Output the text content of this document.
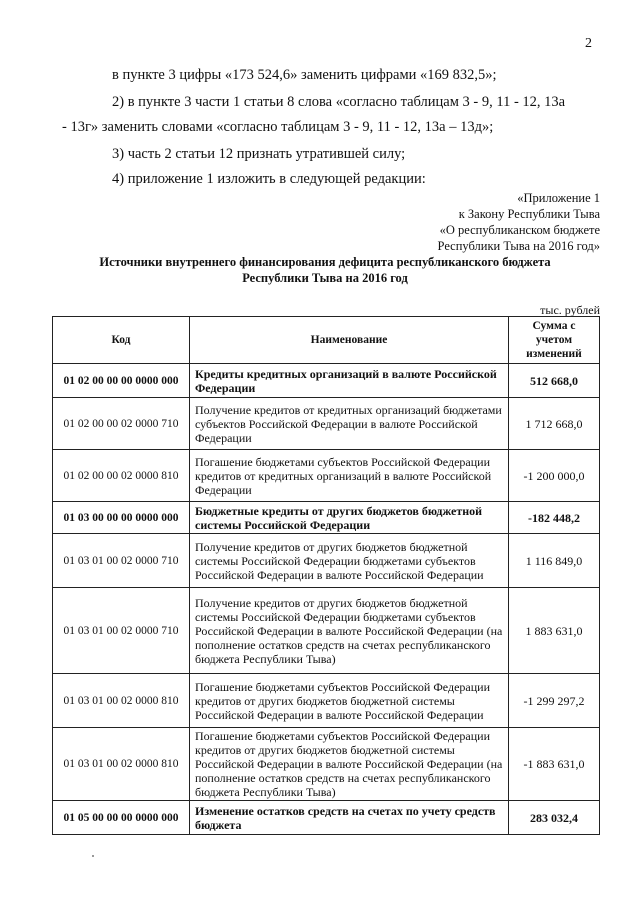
2
в пункте 3 цифры «173 524,6» заменить цифрами «169 832,5»;
2) в пункте 3 части 1 статьи 8 слова «согласно таблицам 3 - 9, 11 - 12, 13а
- 13г» заменить словами «согласно таблицам 3 - 9, 11 - 12, 13а – 13д»;
3) часть 2 статьи 12 признать утратившей силу;
4) приложение 1 изложить в следующей редакции:
«Приложение 1
к Закону Республики Тыва
«О республиканском бюджете
Республики Тыва на 2016 год»
Источники внутреннего финансирования дефицита республиканского бюджета
Республики Тыва на 2016 год
тыс. рублей
Код	Наименование	Сумма с учетом изменений
01 02 00 00 00 0000 000	Кредиты кредитных организаций в валюте Российской Федерации	512 668,0
01 02 00 00 02 0000 710	Получение кредитов от кредитных организаций бюджетами субъектов Российской Федерации в валюте Российской Федерации	1 712 668,0
01 02 00 00 02 0000 810	Погашение бюджетами субъектов Российской Федерации кредитов от кредитных организаций в валюте Российской Федерации	-1 200 000,0
01 03 00 00 00 0000 000	Бюджетные кредиты от других бюджетов бюджетной системы Российской Федерации	-182 448,2
01 03 01 00 02 0000 710	Получение кредитов от других бюджетов бюджетной системы Российской Федерации бюджетами субъектов Российской Федерации в валюте Российской Федерации	1 116 849,0
01 03 01 00 02 0000 710	Получение кредитов от других бюджетов бюджетной системы Российской Федерации бюджетами субъектов Российской Федерации в валюте Российской Федерации (на пополнение остатков средств на счетах республиканского бюджета Республики Тыва)	1 883 631,0
01 03 01 00 02 0000 810	Погашение бюджетами субъектов Российской Федерации кредитов от других бюджетов бюджетной системы Российской Федерации в валюте Российской Федерации	-1 299 297,2
01 03 01 00 02 0000 810	Погашение бюджетами субъектов Российской Федерации кредитов от других бюджетов бюджетной системы Российской Федерации в валюте Российской Федерации (на пополнение остатков средств на счетах республиканского бюджета Республики Тыва)	-1 883 631,0
01 05 00 00 00 0000 000	Изменение остатков средств на счетах по учету средств бюджета	283 032,4
